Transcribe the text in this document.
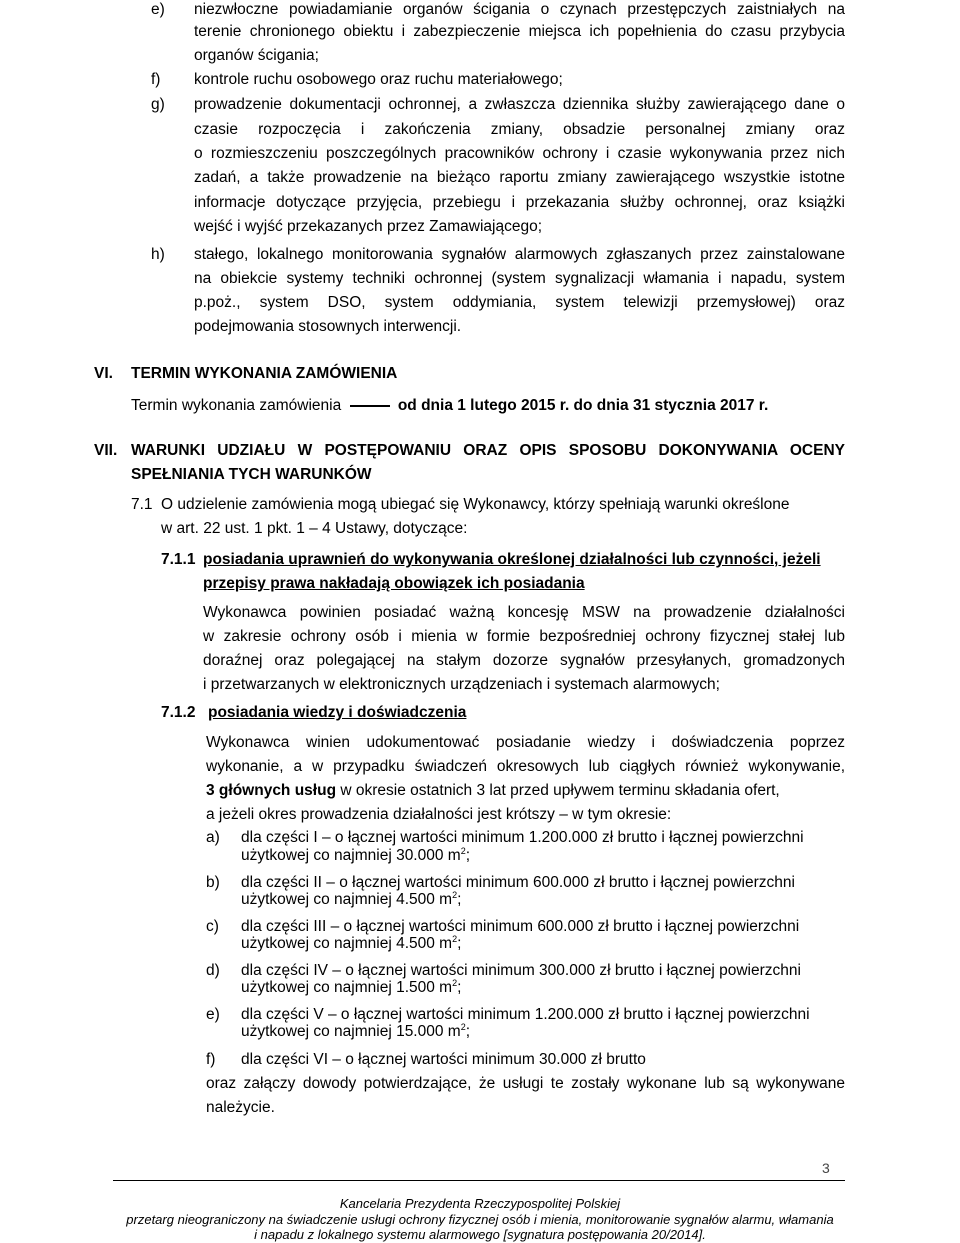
e) niezwłoczne powiadamianie organów ścigania o czynach przestępczych zaistniałych na
terenie chronionego obiektu i zabezpieczenie miejsca ich popełnienia do czasu przybycia
organów ścigania;
f) kontrole ruchu osobowego oraz ruchu materiałowego;
g) prowadzenie dokumentacji ochronnej, a zwłaszcza dziennika służby zawierającego dane o
czasie rozpoczęcia i zakończenia zmiany, obsadzie personalnej zmiany oraz
o rozmieszczeniu poszczególnych pracowników ochrony i czasie wykonywania przez nich
zadań, a także prowadzenie na bieżąco raportu zmiany zawierającego wszystkie istotne
informacje dotyczące przyjęcia, przebiegu i przekazania służby ochronnej, oraz książki
wejść i wyjść przekazanych przez Zamawiającego;
h) stałego, lokalnego monitorowania sygnałów alarmowych zgłaszanych przez zainstalowane
na obiekcie systemy techniki ochronnej (system sygnalizacji włamania i napadu, system
p.poż., system DSO, system oddymiania, system telewizji przemysłowej) oraz
podejmowania stosownych interwencji.
VI. TERMIN WYKONANIA ZAMÓWIENIA
Termin wykonania zamówienia	od dnia 1 lutego 2015 r. do dnia 31 stycznia 2017 r.
VII. WARUNKI UDZIAŁU W POSTĘPOWANIU ORAZ OPIS SPOSOBU DOKONYWANIA OCENY
SPEŁNIANIA TYCH WARUNKÓW
7.1 O udzielenie zamówienia mogą ubiegać się Wykonawcy, którzy spełniają warunki określone
w art. 22 ust. 1 pkt. 1 – 4 Ustawy, dotyczące:
7.1.1 posiadania uprawnień do wykonywania określonej działalności lub czynności, jeżeli
przepisy prawa nakładają obowiązek ich posiadania
Wykonawca powinien posiadać ważną koncesję MSW na prowadzenie działalności
w zakresie ochrony osób i mienia w formie bezpośredniej ochrony fizycznej stałej lub
doraźnej oraz polegającej na stałym dozorze sygnałów przesyłanych, gromadzonych
i przetwarzanych w elektronicznych urządzeniach i systemach alarmowych;
7.1.2 posiadania wiedzy i doświadczenia
Wykonawca winien udokumentować posiadanie wiedzy i doświadczenia poprzez
wykonanie, a w przypadku świadczeń okresowych lub ciągłych również wykonywanie,
3 głównych usług w okresie ostatnich 3 lat przed upływem terminu składania ofert,
a jeżeli okres prowadzenia działalności jest krótszy – w tym okresie:
a) dla części I – o łącznej wartości minimum 1.200.000 zł brutto i łącznej powierzchni
użytkowej co najmniej 30.000 $m^2$;
b) dla części II – o łącznej wartości minimum 600.000 zł brutto i łącznej powierzchni
użytkowej co najmniej 4.500 $m^2$;
c) dla części III – o łącznej wartości minimum 600.000 zł brutto i łącznej powierzchni
użytkowej co najmniej 4.500 $m^2$;
d) dla części IV – o łącznej wartości minimum 300.000 zł brutto i łącznej powierzchni
użytkowej co najmniej 1.500 $m^2$;
e) dla części V – o łącznej wartości minimum 1.200.000 zł brutto i łącznej powierzchni
użytkowej co najmniej 15.000 $m^2$;
f) dla części VI – o łącznej wartości minimum 30.000 zł brutto
oraz załączy dowody potwierdzające, że usługi te zostały wykonane lub są wykonywane
należycie.
3
Kancelaria Prezydenta Rzeczypospolitej Polskiej
przetarg nieograniczony na świadczenie usługi ochrony fizycznej osób i mienia, monitorowanie sygnałów alarmu, włamania
i napadu z lokalnego systemu alarmowego [sygnatura postępowania 20/2014].
